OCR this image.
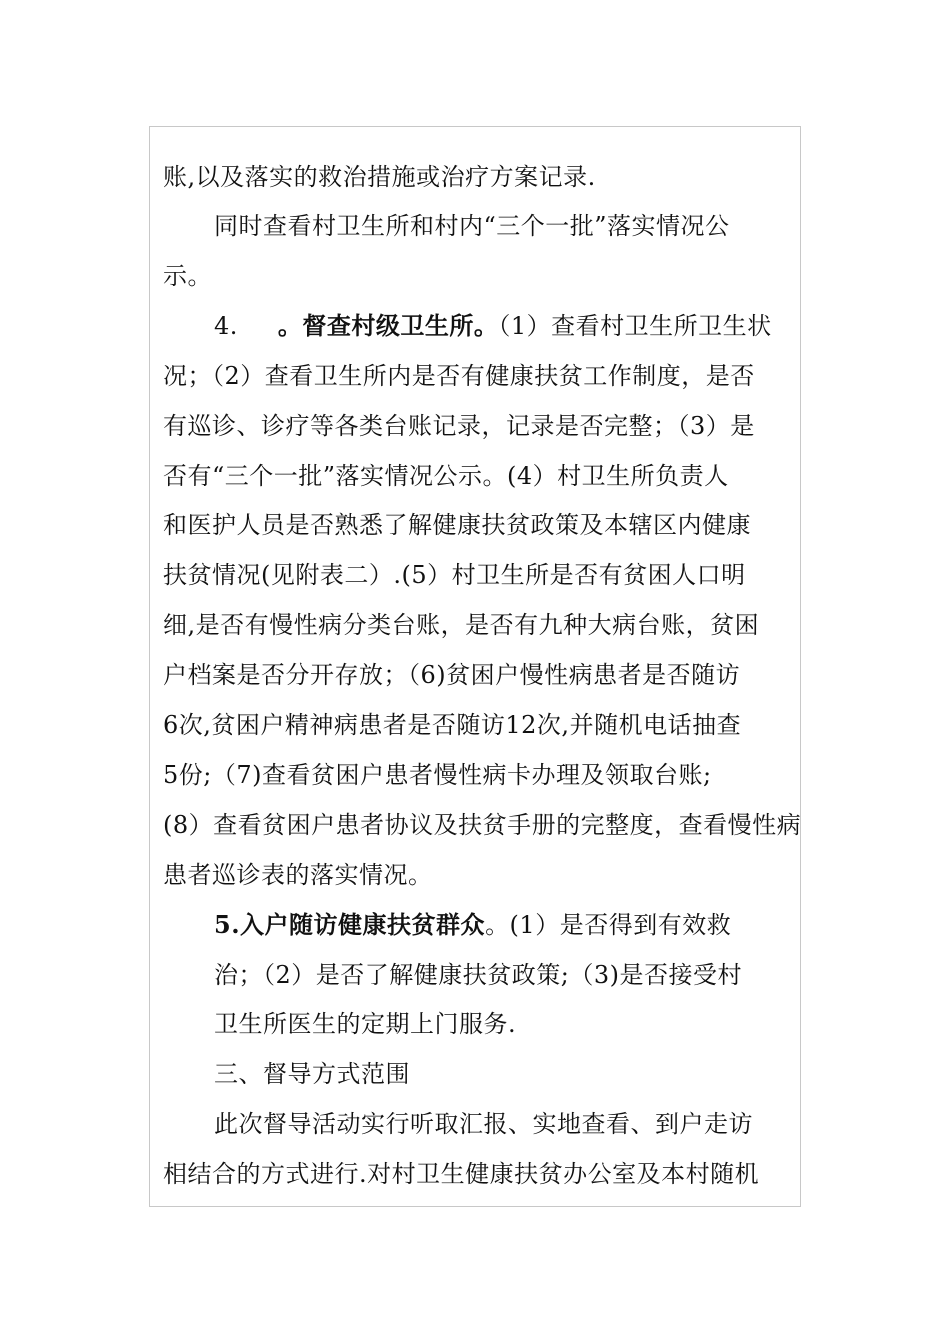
账,以及落实的救治措施或治疗方案记录.
同时查看村卫生所和村内“三个一批”落实情况公
示。
4. 。督查村级卫生所。（1）查看村卫生所卫生状
况；（2）查看卫生所内是否有健康扶贫工作制度，是否
有巡诊、诊疗等各类台账记录，记录是否完整；（3）是
否有“三个一批”落实情况公示。(4）村卫生所负责人
和医护人员是否熟悉了解健康扶贫政策及本辖区内健康
扶贫情况(见附表二）.(5）村卫生所是否有贫困人口明
细,是否有慢性病分类台账，是否有九种大病台账，贫困
户档案是否分开存放；（6)贫困户慢性病患者是否随访
6次,贫困户精神病患者是否随访12次,并随机电话抽查
5份;（7)查看贫困户患者慢性病卡办理及领取台账;
(8）查看贫困户患者协议及扶贫手册的完整度，查看慢性病
患者巡诊表的落实情况。
5.入户随访健康扶贫群众。(1）是否得到有效救
治；（2）是否了解健康扶贫政策;（3)是否接受村
卫生所医生的定期上门服务.
三、督导方式范围
此次督导活动实行听取汇报、实地查看、到户走访
相结合的方式进行.对村卫生健康扶贫办公室及本村随机
